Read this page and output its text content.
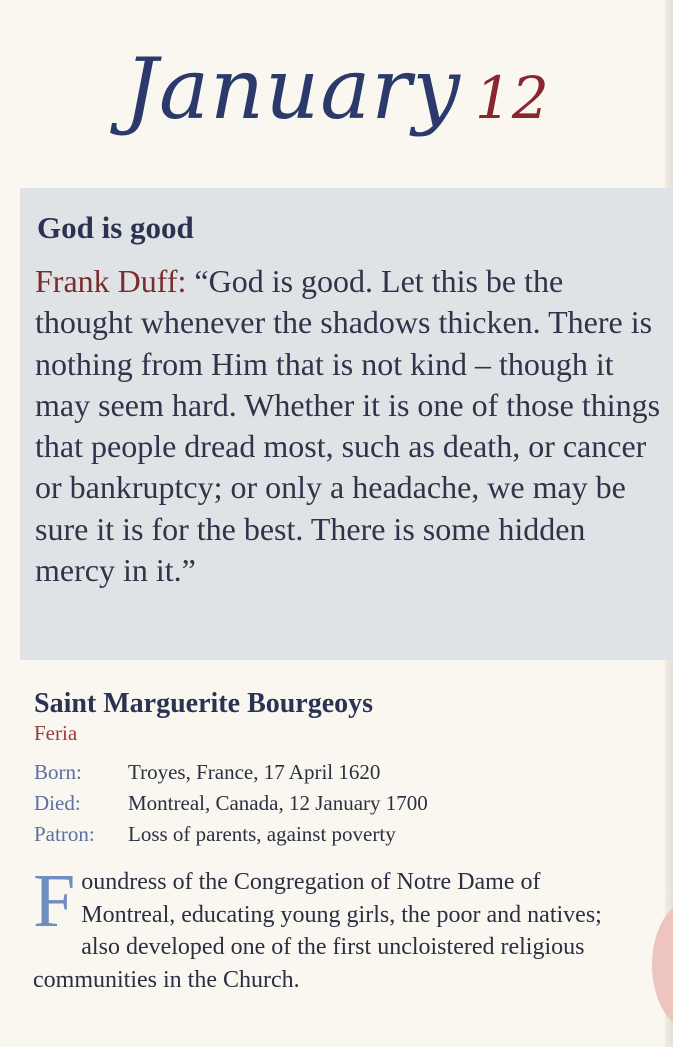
January 12
God is good
Frank Duff: “God is good. Let this be the thought whenever the shadows thicken. There is nothing from Him that is not kind – though it may seem hard. Whether it is one of those things that people dread most, such as death, or cancer or bankruptcy; or only a headache, we may be sure it is for the best. There is some hidden mercy in it.”
Saint Marguerite Bourgeoys
Feria
Born: Troyes, France, 17 April 1620
Died: Montreal, Canada, 12 January 1700
Patron: Loss of parents, against poverty
Foundress of the Congregation of Notre Dame of Montreal, educating young girls, the poor and natives; also developed one of the first uncloistered religious communities in the Church.
